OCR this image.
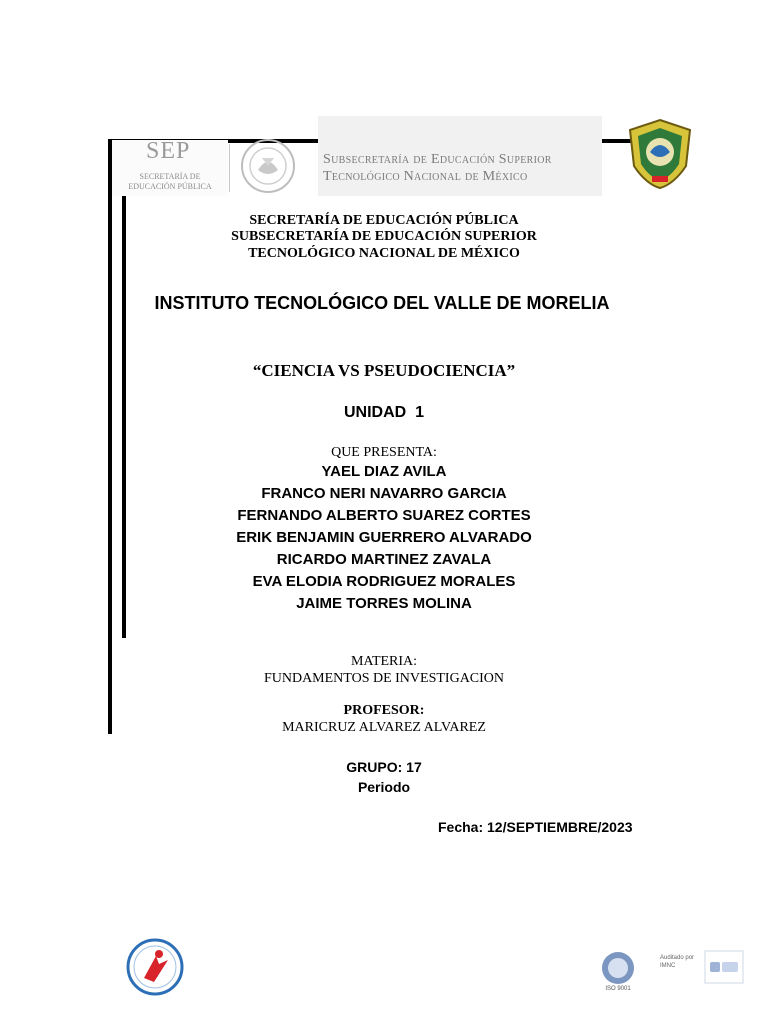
SEP
SECRETARÍA DE
EDUCACIÓN PÚBLICA
Subsecretaría de Educación Superior
Tecnológico Nacional de México
SECRETARÍA DE EDUCACIÓN PÚBLICA
SUBSECRETARÍA DE EDUCACIÓN SUPERIOR
TECNOLÓGICO NACIONAL DE MÉXICO
INSTITUTO TECNOLÓGICO DEL VALLE DE MORELIA
“CIENCIA VS PSEUDOCIENCIA”
UNIDAD  1
QUE PRESENTA:
YAEL DIAZ AVILA
FRANCO NERI NAVARRO GARCIA
FERNANDO ALBERTO SUAREZ CORTES
ERIK BENJAMIN GUERRERO ALVARADO
RICARDO MARTINEZ ZAVALA
EVA ELODIA RODRIGUEZ MORALES
JAIME TORRES MOLINA
MATERIA:
FUNDAMENTOS DE INVESTIGACION
PROFESOR:
MARICRUZ ALVAREZ ALVAREZ
GRUPO: 17
Periodo
Fecha: 12/SEPTIEMBRE/2023
ISO 9001
Auditado por
IMNC
